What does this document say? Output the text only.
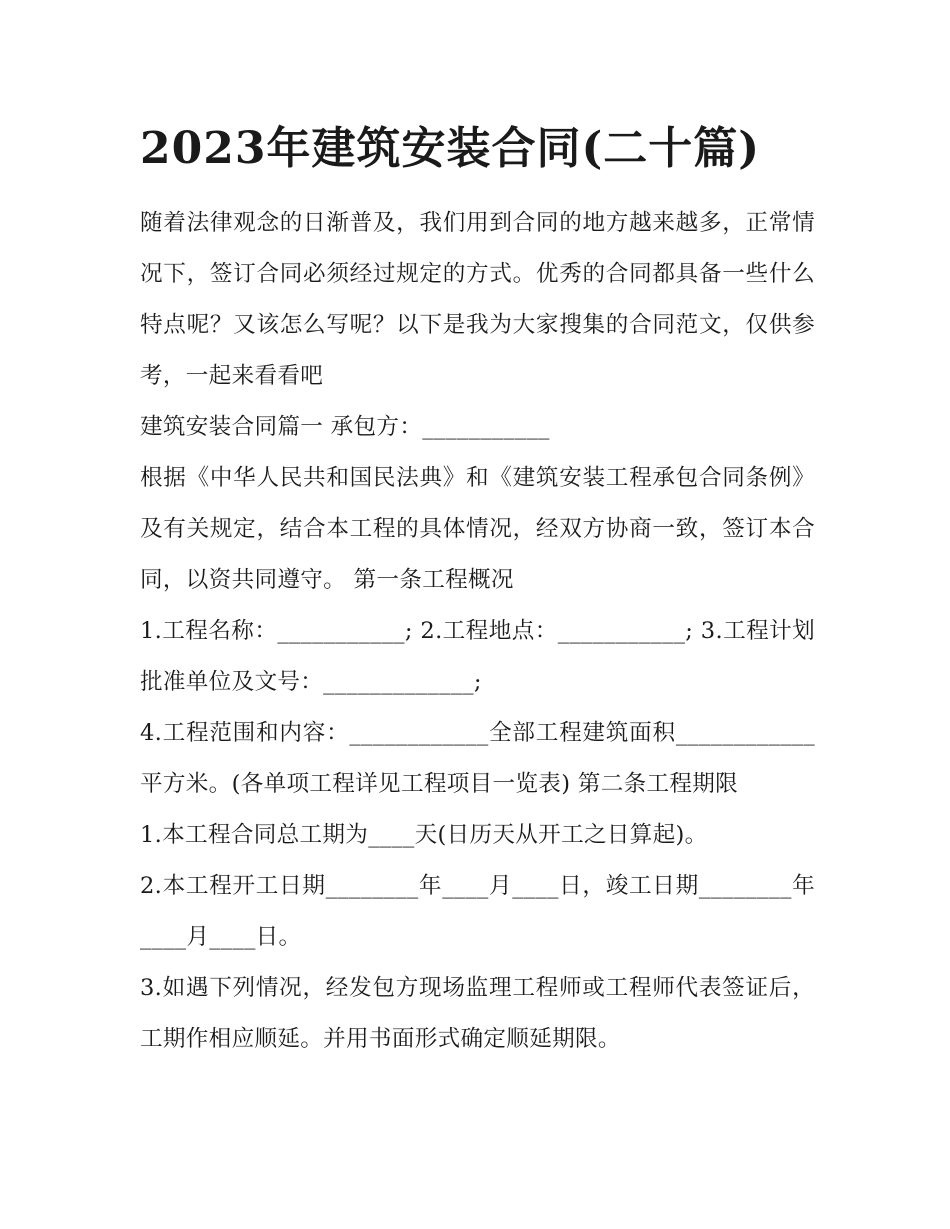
2023年建筑安装合同(二十篇)

随着法律观念的日渐普及，我们用到合同的地方越来越多，正常情况下，签订合同必须经过规定的方式。优秀的合同都具备一些什么特点呢？又该怎么写呢？以下是我为大家搜集的合同范文，仅供参考，一起来看看吧

建筑安装合同篇一 承包方：___________

根据《中华人民共和国民法典》和《建筑安装工程承包合同条例》及有关规定，结合本工程的具体情况，经双方协商一致，签订本合同，以资共同遵守。 第一条工程概况

1.工程名称：___________; 2.工程地点：___________; 3.工程计划批准单位及文号：_____________;

4.工程范围和内容：____________全部工程建筑面积____________平方米。(各单项工程详见工程项目一览表) 第二条工程期限

1.本工程合同总工期为____天(日历天从开工之日算起)。

2.本工程开工日期________年____月____日，竣工日期________年____月____日。

3.如遇下列情况，经发包方现场监理工程师或工程师代表签证后，工期作相应顺延。并用书面形式确定顺延期限。
